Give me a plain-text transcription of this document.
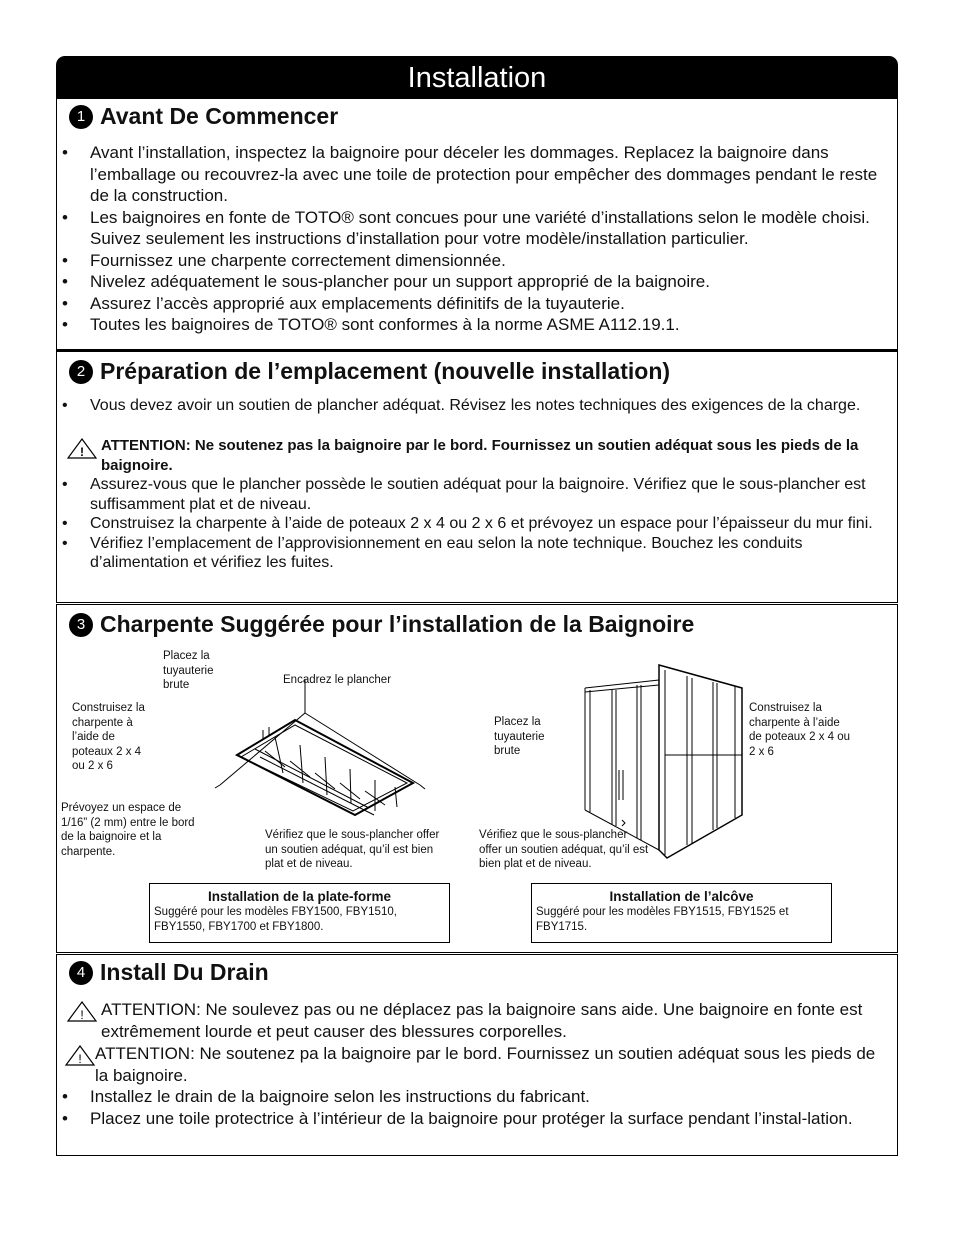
Installation
1 Avant De Commencer
• Avant l’installation, inspectez la baignoire pour déceler les dommages. Replacez la baignoire dans l’emballage ou recouvrez-la avec une toile de protection pour empêcher des dommages pendant le reste de la construction.
• Les baignoires en fonte de TOTO® sont concues pour une variété d’installations selon le modèle choisi. Suivez seulement les instructions d’installation pour votre modèle/installation particulier.
• Fournissez une charpente correctement dimensionnée.
• Nivelez adéquatement le sous-plancher pour un support approprié de la baignoire.
• Assurez l’accès approprié aux emplacements définitifs de la tuyauterie.
• Toutes les baignoires de TOTO® sont conformes à la norme ASME A112.19.1.
2 Préparation de l’emplacement (nouvelle installation)
• Vous devez avoir un soutien de plancher adéquat. Révisez les notes techniques des exigences de la charge.
! ATTENTION: Ne soutenez pas la baignoire par le bord. Fournissez un soutien adéquat sous les pieds de la baignoire.
• Assurez-vous que le plancher possède le soutien adéquat pour la baignoire. Vérifiez que le sous-plancher est suffisamment plat et de niveau.
• Construisez la charpente à l’aide de poteaux 2 x 4 ou 2 x 6 et prévoyez un espace pour l’épaisseur du mur fini.
• Vérifiez l’emplacement de l’approvisionnement en eau selon la note technique. Bouchez les conduits d’alimentation et vérifiez les fuites.
3 Charpente Suggérée pour l’installation de la Baignoire
Placez la tuyauterie brute	Encadrez le plancher
Construisez la charpente à l’aide de poteaux 2 x 4 ou 2 x 6
Prévoyez un espace de 1/16” (2 mm) entre le bord de la baignoire et la charpente.
Vérifiez que le sous-plancher offer un soutien adéquat, qu’il est bien plat et de niveau.
Placez la tuyauterie brute
Construisez la charpente à l’aide de poteaux 2 x 4 ou 2 x 6
Vérifiez que le sous-plancher offer un soutien adéquat, qu’il est bien plat et de niveau.
Installation de la plate-forme
Suggéré pour les modèles FBY1500, FBY1510, FBY1550, FBY1700 et FBY1800.
Installation de l’alcôve
Suggéré pour les modèles FBY1515, FBY1525 et FBY1715.
4 Install Du Drain
! ATTENTION: Ne soulevez pas ou ne déplacez pas la baignoire sans aide. Une baignoire en fonte est extrêmement lourde et peut causer des blessures corporelles.
! ATTENTION: Ne soutenez pa la baignoire par le bord. Fournissez un soutien adéquat sous les pieds de la baignoire.
• Installez le drain de la baignoire selon les instructions du fabricant.
• Placez une toile protectrice à l’intérieur de la baignoire pour protéger la surface pendant l’instal-lation.
